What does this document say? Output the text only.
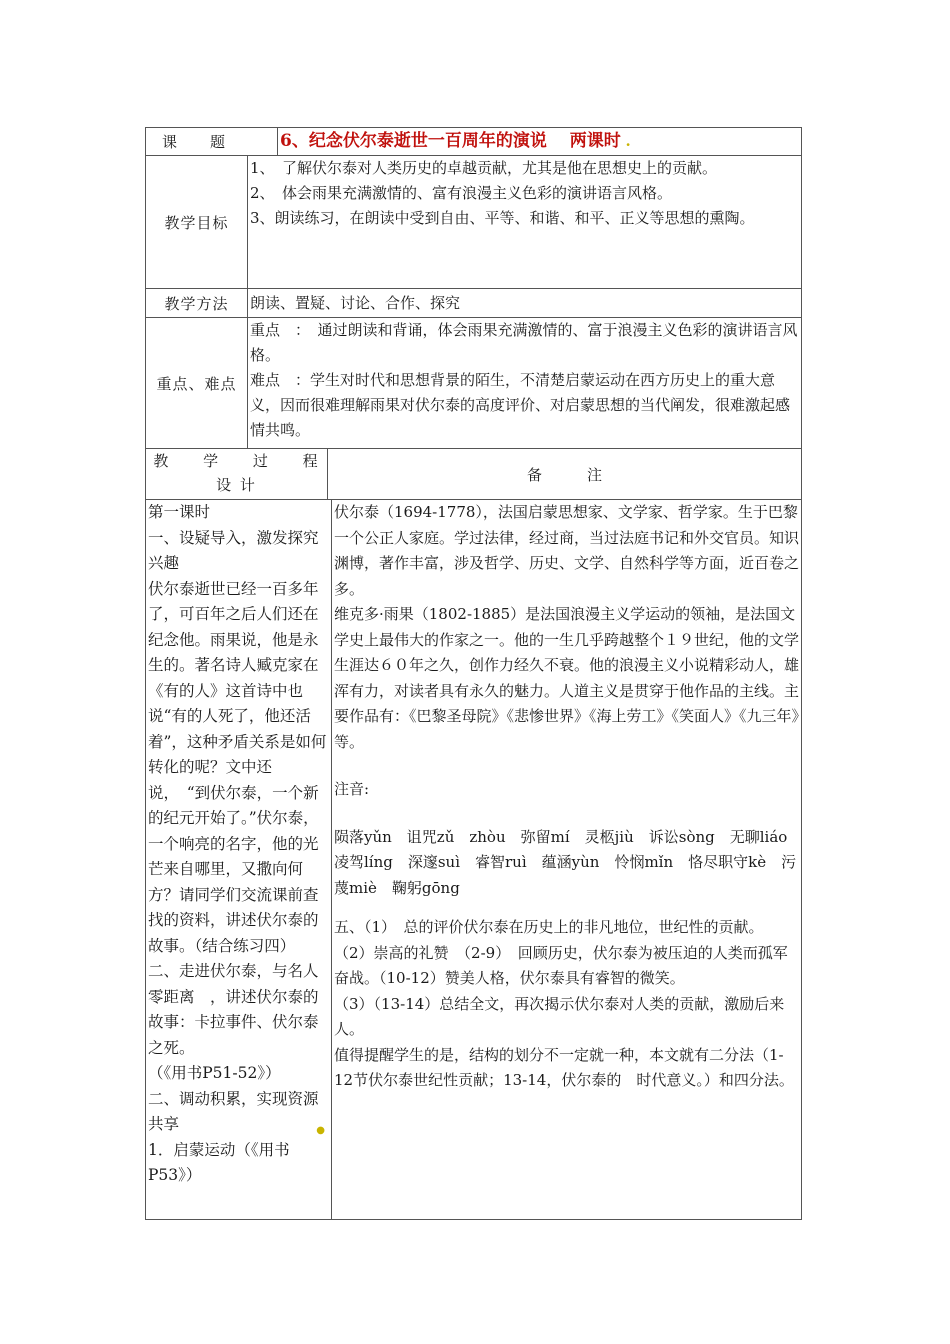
课　　题	6、纪念伏尔泰逝世一百周年的演说　 两课时 .
教学目标

1、　了解伏尔泰对人类历史的卓越贡献，尤其是他在思想史上的贡献。

2、　体会雨果充满激情的、富有浪漫主义色彩的演讲语言风格。

3、朗读练习，在朗读中受到自由、平等、和谐、和平、正义等思想的熏陶。

教学方法	朗读、置疑、讨论、合作、探究
重点、难点

重点　：　通过朗读和背诵，体会雨果充满激情的、富于浪漫主义色彩的演讲语言风格。

难点　：学生对时代和思想背景的陌生，不清楚启蒙运动在西方历史上的重大意义，因而很难理解雨果对伏尔泰的高度评价、对启蒙思想的当代阐发，很难激起感情共鸣。

教 学 过 程
设 计
备　　　注

第一课时

一、设疑导入，激发探究兴趣

伏尔泰逝世已经一百多年了，可百年之后人们还在纪念他。雨果说，他是永生的。著名诗人臧克家在《有的人》这首诗中也说“有的人死了，他还活着”，这种矛盾关系是如何转化的呢？文中还说，　“到伏尔泰，一个新的纪元开始了。”伏尔泰，一个响亮的名字，他的光芒来自哪里，又撒向何方？请同学们交流课前查找的资料，讲述伏尔泰的故事。（结合练习四）

二、走进伏尔泰，与名人零距离　，讲述伏尔泰的故事：卡拉事件、伏尔泰之死。

（《用书P51-52》）

二、调动积累，实现资源共享

1．启蒙运动（《用书P53》）

●

伏尔泰（1694-1778），法国启蒙思想家、文学家、哲学家。生于巴黎一个公正人家庭。学过法律，经过商，当过法庭书记和外交官员。知识渊博，著作丰富，涉及哲学、历史、文学、自然科学等方面，近百卷之多。

维克多·雨果（1802-1885）是法国浪漫主义学运动的领袖，是法国文学史上最伟大的作家之一。他的一生几乎跨越整个１９世纪，他的文学生涯达６０年之久，创作力经久不衰。他的浪漫主义小说精彩动人，雄浑有力，对读者具有永久的魅力。人道主义是贯穿于他作品的主线。主要作品有：《巴黎圣母院》《悲惨世界》《海上劳工》《笑面人》《九三年》等。

注音:

陨落yǔn　诅咒zǔ　zhòu　弥留mí　灵柩jiù　诉讼sòng　无聊liáo　凌驾líng　深邃suì　睿智ruì　蕴涵yùn　怜悯mǐn　恪尽职守kè　污蔑miè　鞠躬gōng

五、（1）　总的评价伏尔泰在历史上的非凡地位，世纪性的贡献。

（2）崇高的礼赞　（2-9）　回顾历史，伏尔泰为被压迫的人类而孤军奋战。（10-12）赞美人格，伏尔泰具有睿智的微笑。

（3）（13-14）总结全文，再次揭示伏尔泰对人类的贡献，激励后来人。

值得提醒学生的是，结构的划分不一定就一种，本文就有二分法（1-12节伏尔泰世纪性贡献；13-14，伏尔泰的　时代意义。）和四分法。
